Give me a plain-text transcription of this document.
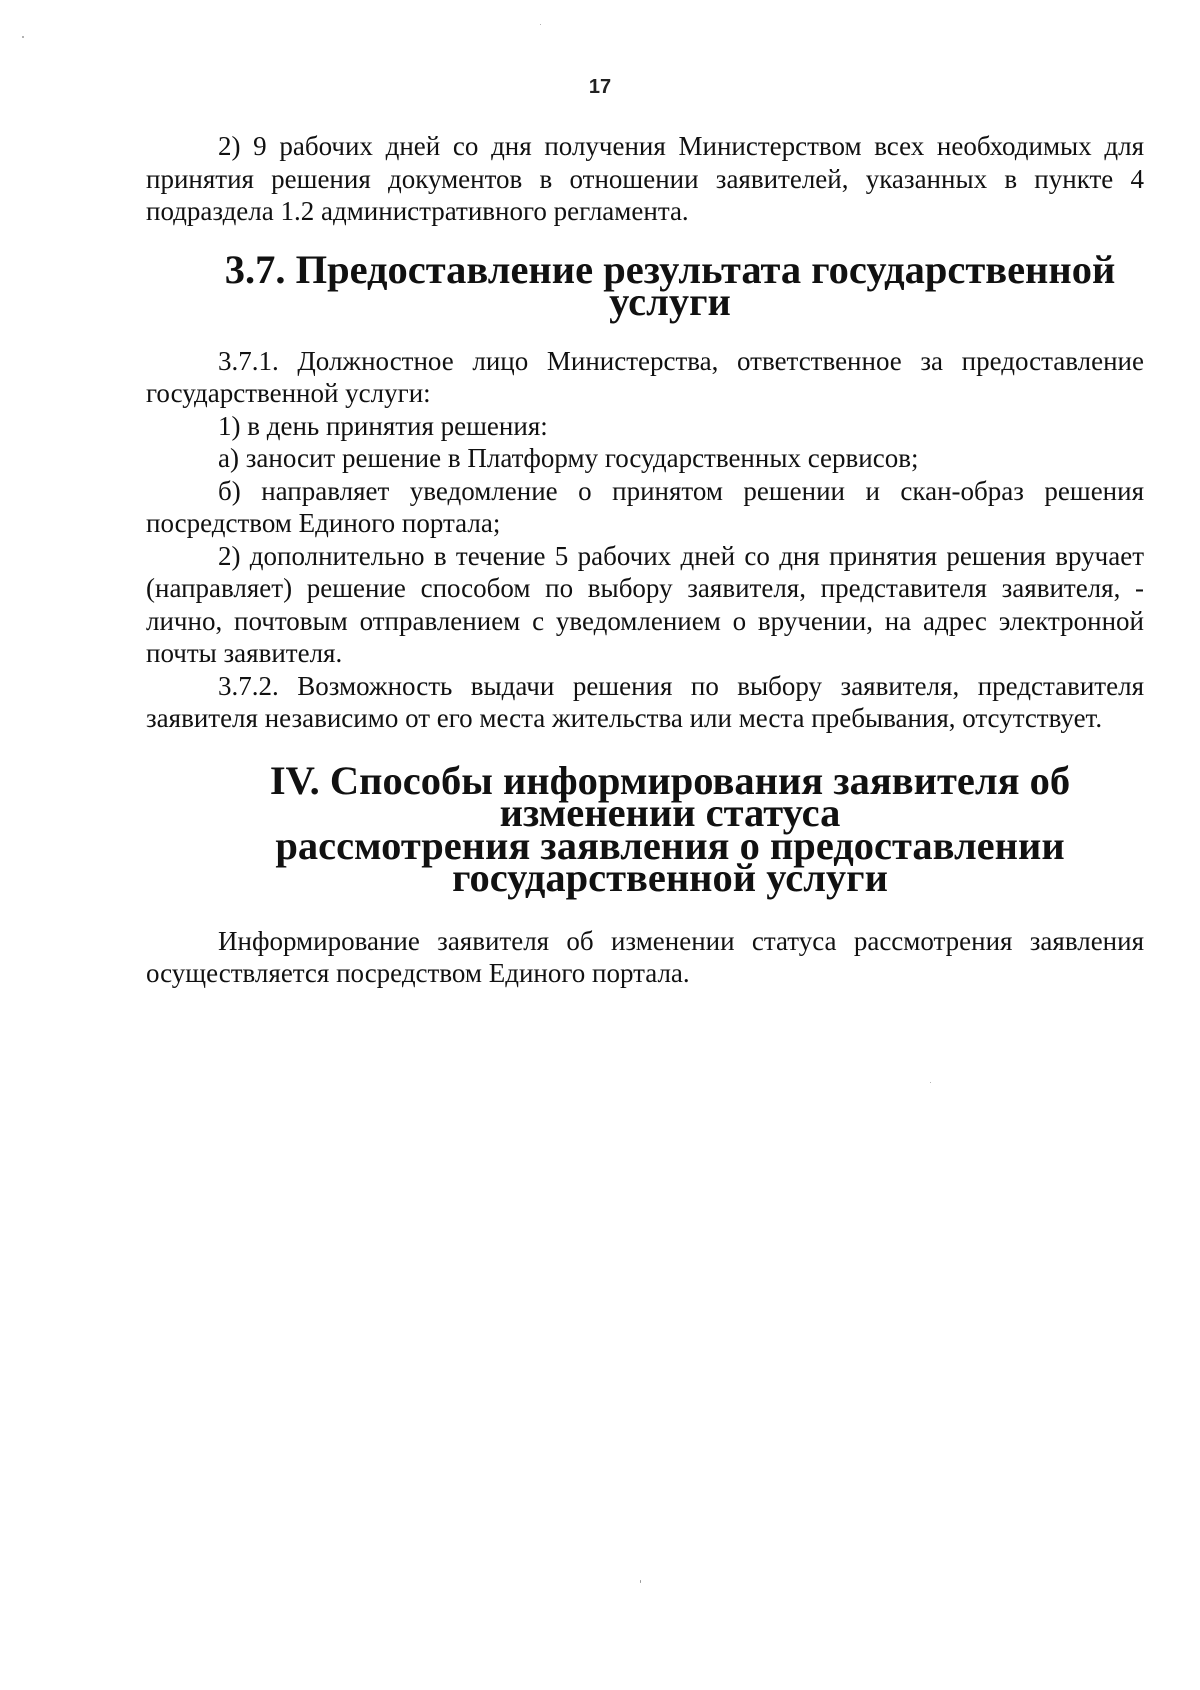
17

2) 9 рабочих дней со дня получения Министерством всех необходимых для принятия решения документов в отношении заявителей, указанных в пункте 4 подраздела 1.2 административного регламента.

3.7. Предоставление результата государственной услуги

3.7.1. Должностное лицо Министерства, ответственное за предоставление государственной услуги:

1) в день принятия решения:

а) заносит решение в Платформу государственных сервисов;

б) направляет уведомление о принятом решении и скан-образ решения посредством Единого портала;

2) дополнительно в течение 5 рабочих дней со дня принятия решения вручает (направляет) решение способом по выбору заявителя, представителя заявителя, - лично, почтовым отправлением с уведомлением о вручении, на адрес электронной почты заявителя.

3.7.2. Возможность выдачи решения по выбору заявителя, представителя заявителя независимо от его места жительства или места пребывания, отсутствует.

IV. Способы информирования заявителя об изменении статуса
рассмотрения заявления о предоставлении государственной услуги

Информирование заявителя об изменении статуса рассмотрения заявления осуществляется посредством Единого портала.
